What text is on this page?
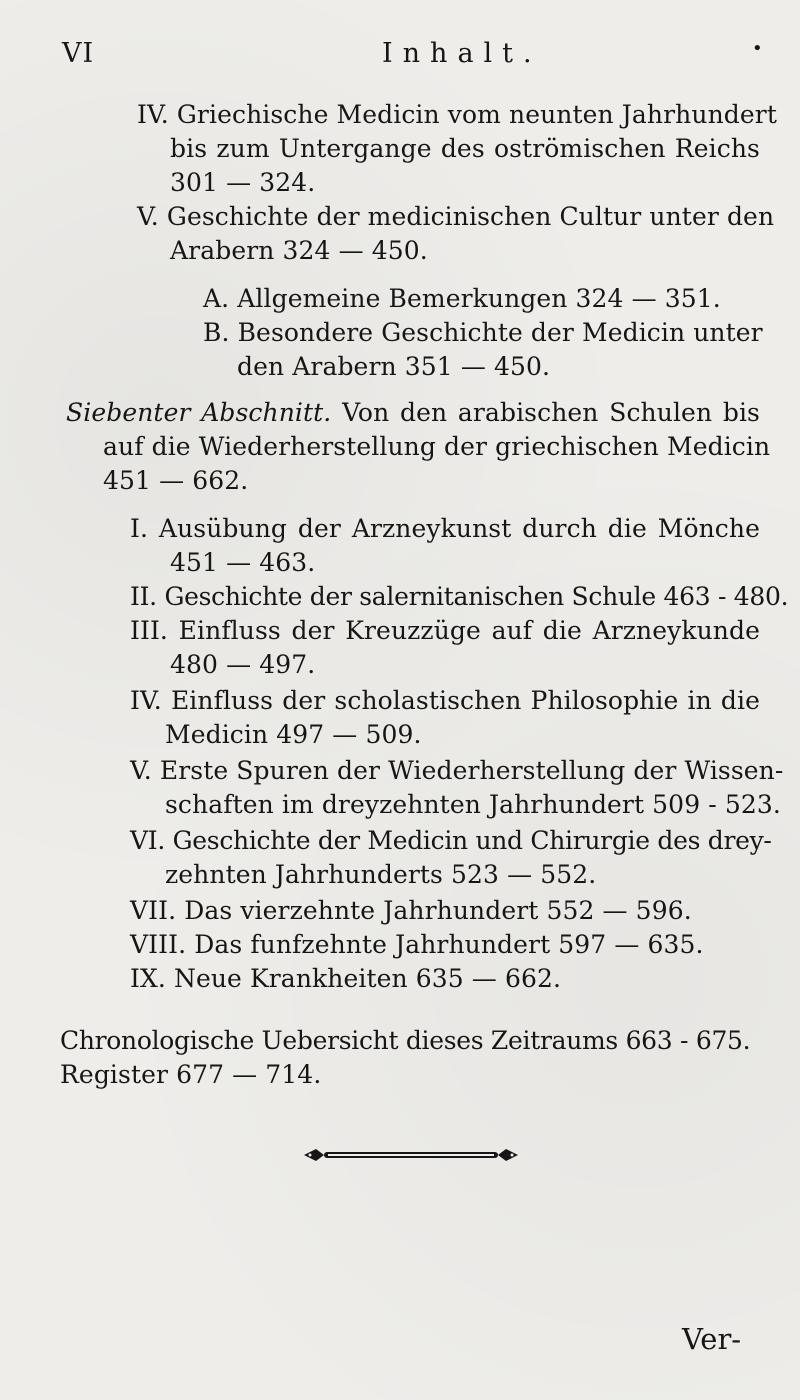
VI	Inhalt.	•
IV. Griechische Medicin vom neunten Jahrhundert
bis zum Untergange des oströmischen Reichs
301 — 324.
V. Geschichte der medicinischen Cultur unter den
Arabern 324 — 450.
A. Allgemeine Bemerkungen 324 — 351.
B. Besondere Geschichte der Medicin unter
den Arabern 351 — 450.
Siebenter Abschnitt. Von den arabischen Schulen bis
auf die Wiederherstellung der griechischen Medicin
451 — 662.
I. Ausübung der Arzneykunst durch die Mönche
451 — 463.
II. Geschichte der salernitanischen Schule 463 - 480.
III. Einfluss der Kreuzzüge auf die Arzneykunde
480 — 497.
IV. Einfluss der scholastischen Philosophie in die
Medicin 497 — 509.
V. Erste Spuren der Wiederherstellung der Wissen-
schaften im dreyzehnten Jahrhundert 509 - 523.
VI. Geschichte der Medicin und Chirurgie des drey-
zehnten Jahrhunderts 523 — 552.
VII. Das vierzehnte Jahrhundert 552 — 596.
VIII. Das funfzehnte Jahrhundert 597 — 635.
IX. Neue Krankheiten 635 — 662.
Chronologische Uebersicht dieses Zeitraums 663 - 675.
Register 677 — 714.
Ver-
